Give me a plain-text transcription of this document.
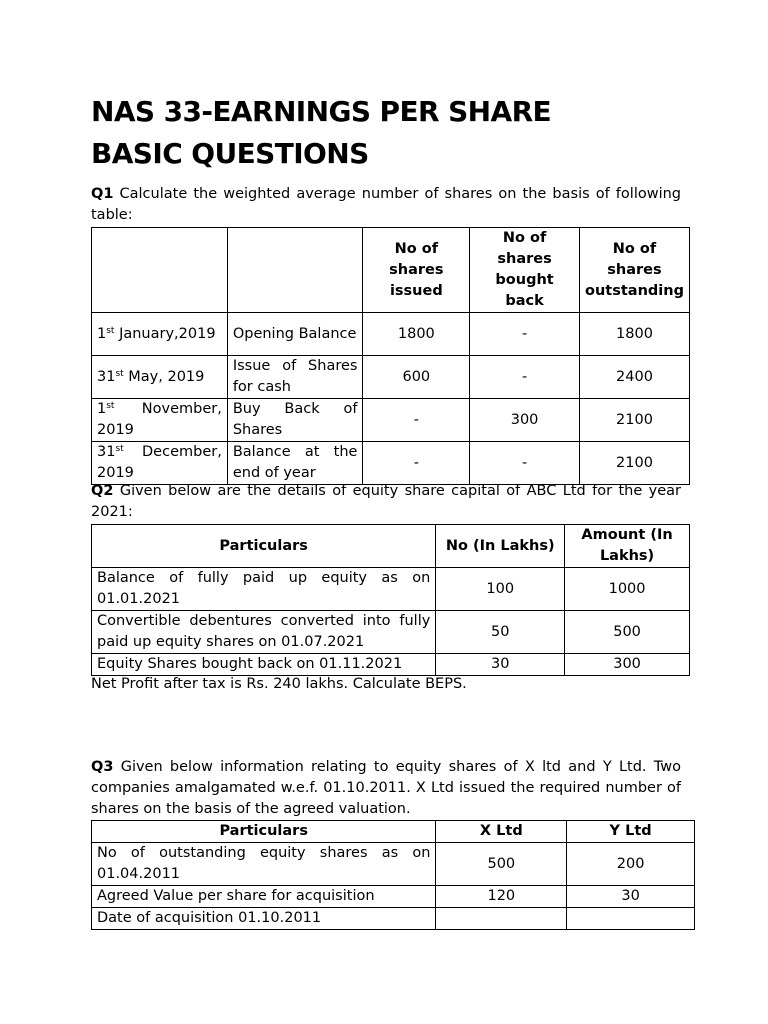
NAS 33-EARNINGS PER SHARE
BASIC QUESTIONS
Q1 Calculate the weighted average number of shares on the basis of following table:
		No of shares issued	No of shares bought back	No of shares outstanding
1st January,2019	Opening Balance	1800	-	1800
31st May, 2019	Issue of Shares for cash	600	-	2400
1st November, 2019	Buy Back of Shares	-	300	2100
31st December, 2019	Balance at the end of year	-	-	2100
Q2 Given below are the details of equity share capital of ABC Ltd for the year 2021:
Particulars	No (In Lakhs)	Amount (In Lakhs)
Balance of fully paid up equity as on 01.01.2021	100	1000
Convertible debentures converted into fully paid up equity shares on 01.07.2021	50	500
Equity Shares bought back on 01.11.2021	30	300
Net Profit after tax is Rs. 240 lakhs. Calculate BEPS.
Q3 Given below information relating to equity shares of X ltd and Y Ltd. Two companies amalgamated w.e.f. 01.10.2011. X Ltd issued the required number of shares on the basis of the agreed valuation.
Particulars	X Ltd	Y Ltd
No of outstanding equity shares as on 01.04.2011	500	200
Agreed Value per share for acquisition	120	30
Date of acquisition 01.10.2011		
